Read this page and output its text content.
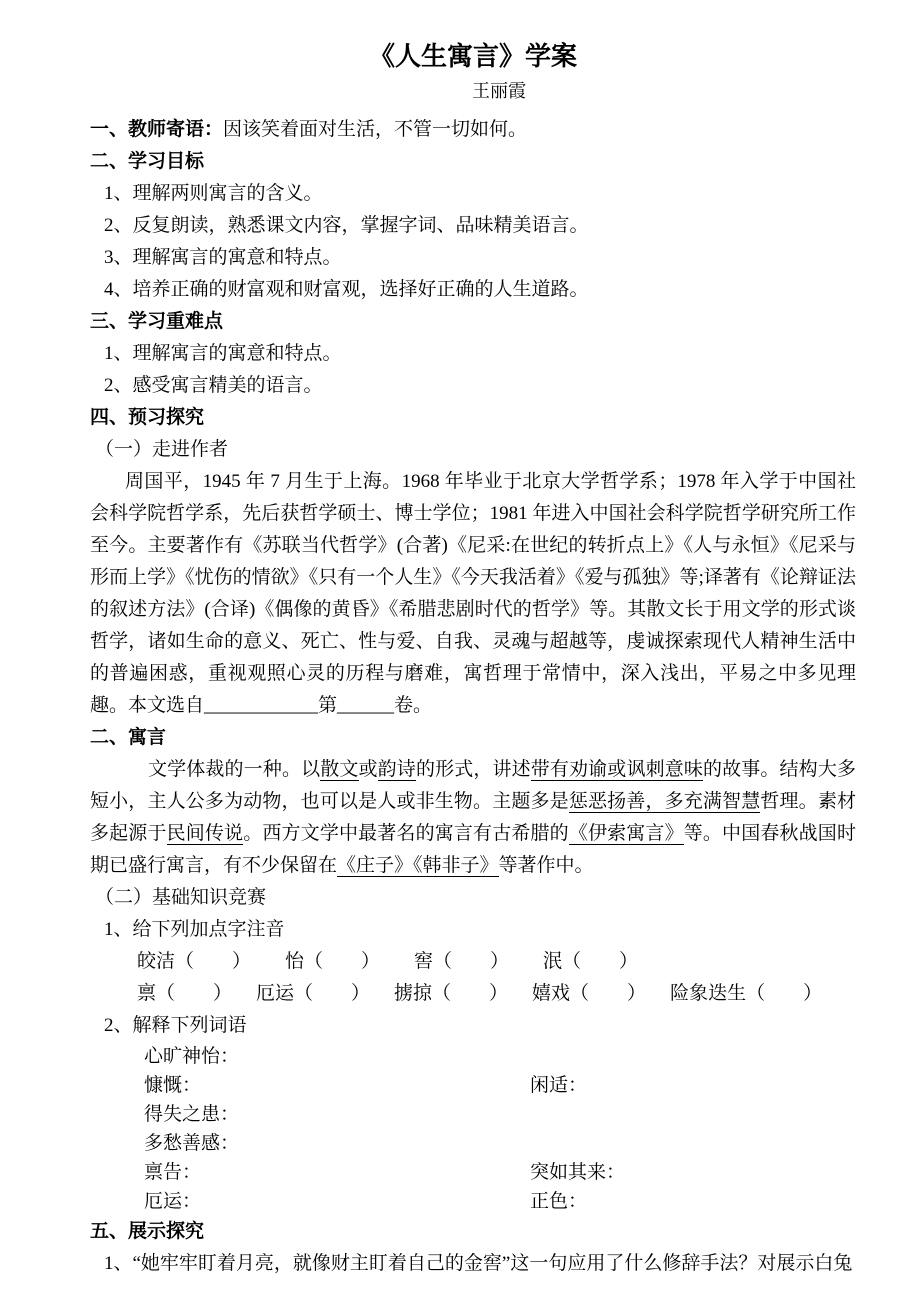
《人生寓言》学案
王丽霞
一、教师寄语：因该笑着面对生活，不管一切如何。
二、学习目标
1、理解两则寓言的含义。
2、反复朗读，熟悉课文内容，掌握字词、品味精美语言。
3、理解寓言的寓意和特点。
4、培养正确的财富观和财富观，选择好正确的人生道路。
三、学习重难点
1、理解寓言的寓意和特点。
2、感受寓言精美的语言。
四、预习探究
（一）走进作者
周国平，1945 年 7 月生于上海。1968 年毕业于北京大学哲学系；1978 年入学于中国社会科学院哲学系，先后获哲学硕士、博士学位；1981 年进入中国社会科学院哲学研究所工作至今。主要著作有《苏联当代哲学》(合著)《尼采:在世纪的转折点上》《人与永恒》《尼采与形而上学》《忧伤的情欲》《只有一个人生》《今天我活着》《爱与孤独》等;译著有《论辩证法的叙述方法》(合译)《偶像的黄昏》《希腊悲剧时代的哲学》等。其散文长于用文学的形式谈哲学，诸如生命的意义、死亡、性与爱、自我、灵魂与超越等，虔诚探索现代人精神生活中的普遍困惑，重视观照心灵的历程与磨难，寓哲理于常情中，深入浅出，平易之中多见理趣。本文选自____________第______卷。
二、寓言
文学体裁的一种。以散文或韵诗的形式，讲述带有劝谕或讽刺意味的故事。结构大多短小，主人公多为动物，也可以是人或非生物。主题多是惩恶扬善，多充满智慧哲理。素材多起源于民间传说。西方文学中最著名的寓言有古希腊的《伊索寓言》等。中国春秋战国时期已盛行寓言，有不少保留在《庄子》《韩非子》等著作中。
（二）基础知识竞赛
1、给下列加点字注音
皎洁（　　） 怡（　　） 窖（　　） 泯（　　）
禀（　　） 厄运（　　） 掳掠（　　） 嬉戏（　　） 险象迭生（　　）
2、解释下列词语
心旷神怡：
慷慨：	闲适：
得失之患：
多愁善感：
禀告：	突如其来：
厄运：	正色：
五、展示探究
1、“她牢牢盯着月亮，就像财主盯着自己的金窖”这一句应用了什么修辞手法？对展示白兔
